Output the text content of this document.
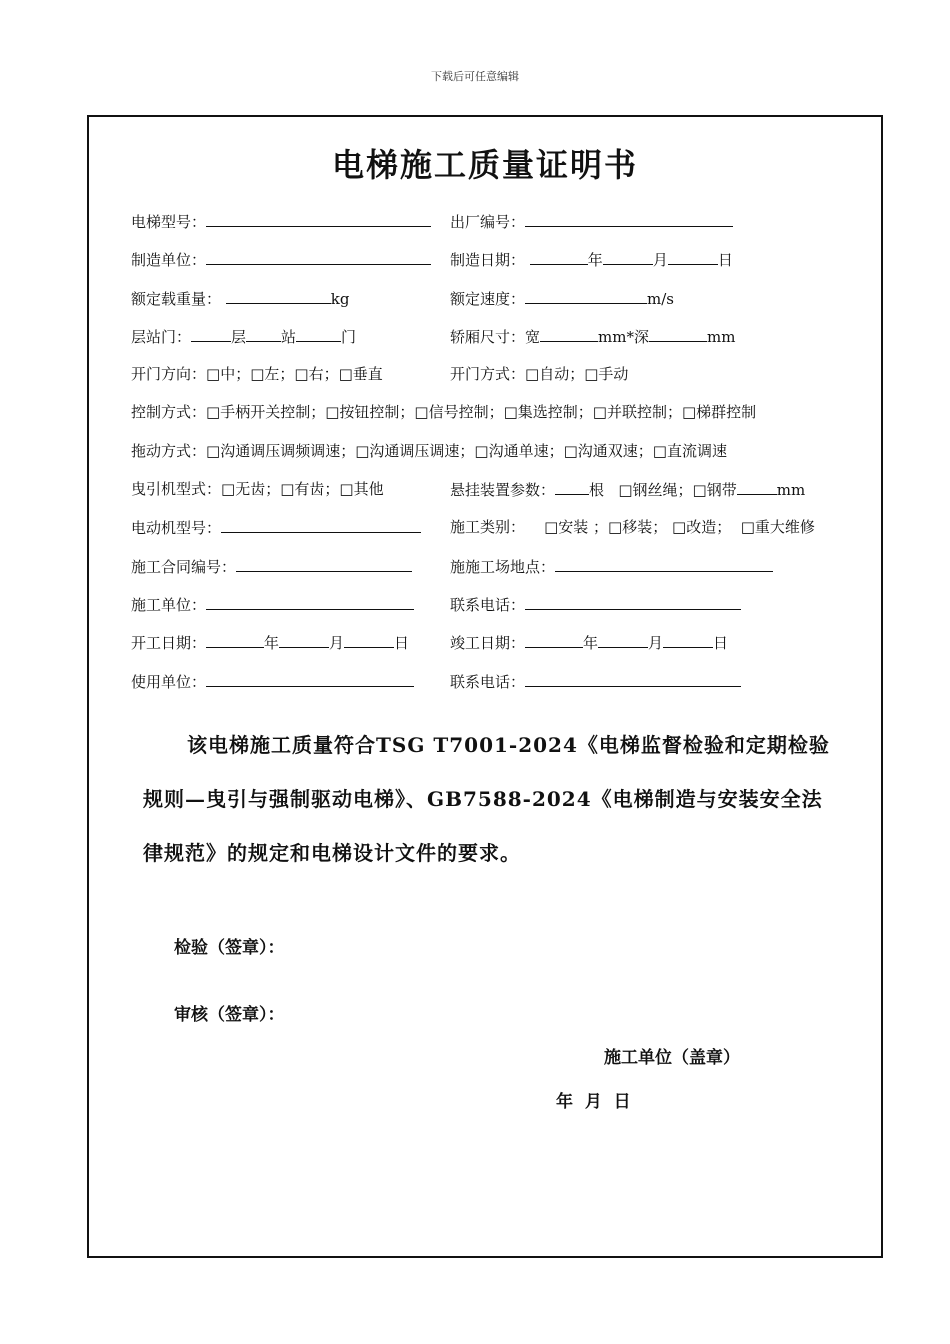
下载后可任意编辑
电梯施工质量证明书
电梯型号：	出厂编号：
制造单位：	制造日期：	年	月	日
额定载重量：	kg	额定速度：	m/s
层站门：	层 站	门	轿厢尺寸：宽	mm*深	mm
开门方向：□中；□左；□右；□垂直	开门方式：□自动；□手动
控制方式：□手柄开关控制；□按钮控制；□信号控制；□集选控制；□并联控制；□梯群控制
拖动方式：□沟通调压调频调速；□沟通调压调速；□沟通单速；□沟通双速；□直流调速
曳引机型式：□无齿；□有齿；□其他	悬挂装置参数： 根 □钢丝绳；□钢带	mm
电动机型号：	施工类别： □安装 ；□移装； □改造； □重大维修
施工合同编号：	施施工场地点：
施工单位：	联系电话：
开工日期：	年	月	日	竣工日期：	年	月	日
使用单位：	联系电话：
该电梯施工质量符合TSG T7001-2024《电梯监督检验和定期检验规则—曳引与强制驱动电梯》、GB7588-2024《电梯制造与安装安全法律规范》的规定和电梯设计文件的要求。
检验（签章）：
审核（签章）：
施工单位（盖章）
年  月  日
